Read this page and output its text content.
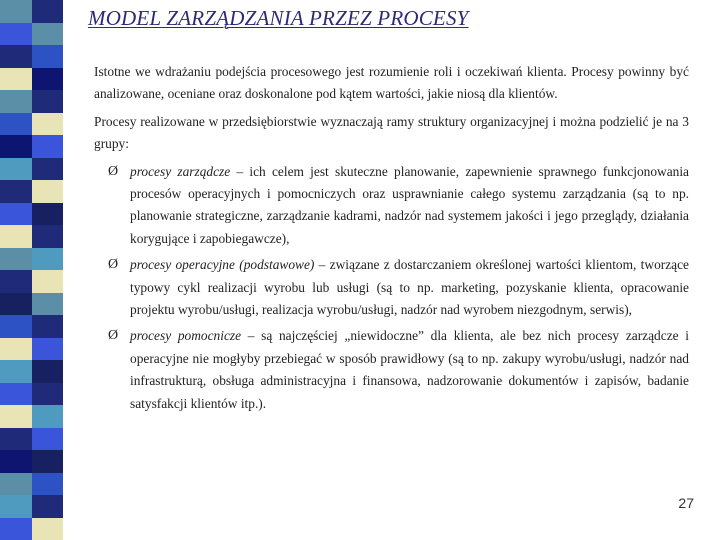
MODEL ZARZĄDZANIA PRZEZ PROCESY

Istotne we wdrażaniu podejścia procesowego jest rozumienie roli i oczekiwań klienta. Procesy powinny być analizowane, oceniane oraz doskonalone pod kątem wartości, jakie niosą dla klientów.

Procesy realizowane w przedsiębiorstwie wyznaczają ramy struktury organizacyjnej i można podzielić je na 3 grupy:

Ø procesy zarządcze – ich celem jest skuteczne planowanie, zapewnienie sprawnego funkcjonowania procesów operacyjnych i pomocniczych oraz usprawnianie całego systemu zarządzania (są to np. planowanie strategiczne, zarządzanie kadrami, nadzór nad systemem jakości i jego przeglądy, działania korygujące i zapobiegawcze),
Ø procesy operacyjne (podstawowe) – związane z dostarczaniem określonej wartości klientom, tworzące typowy cykl realizacji wyrobu lub usługi (są to np. marketing, pozyskanie klienta, opracowanie projektu wyrobu/usługi, realizacja wyrobu/usługi, nadzór nad wyrobem niezgodnym, serwis),
Ø procesy pomocnicze – są najczęściej „niewidoczne” dla klienta, ale bez nich procesy zarządcze i operacyjne nie mogłyby przebiegać w sposób prawidłowy (są to np. zakupy wyrobu/usługi, nadzór nad infrastrukturą, obsługa administracyjna i finansowa, nadzorowanie dokumentów i zapisów, badanie satysfakcji klientów itp.).
27
